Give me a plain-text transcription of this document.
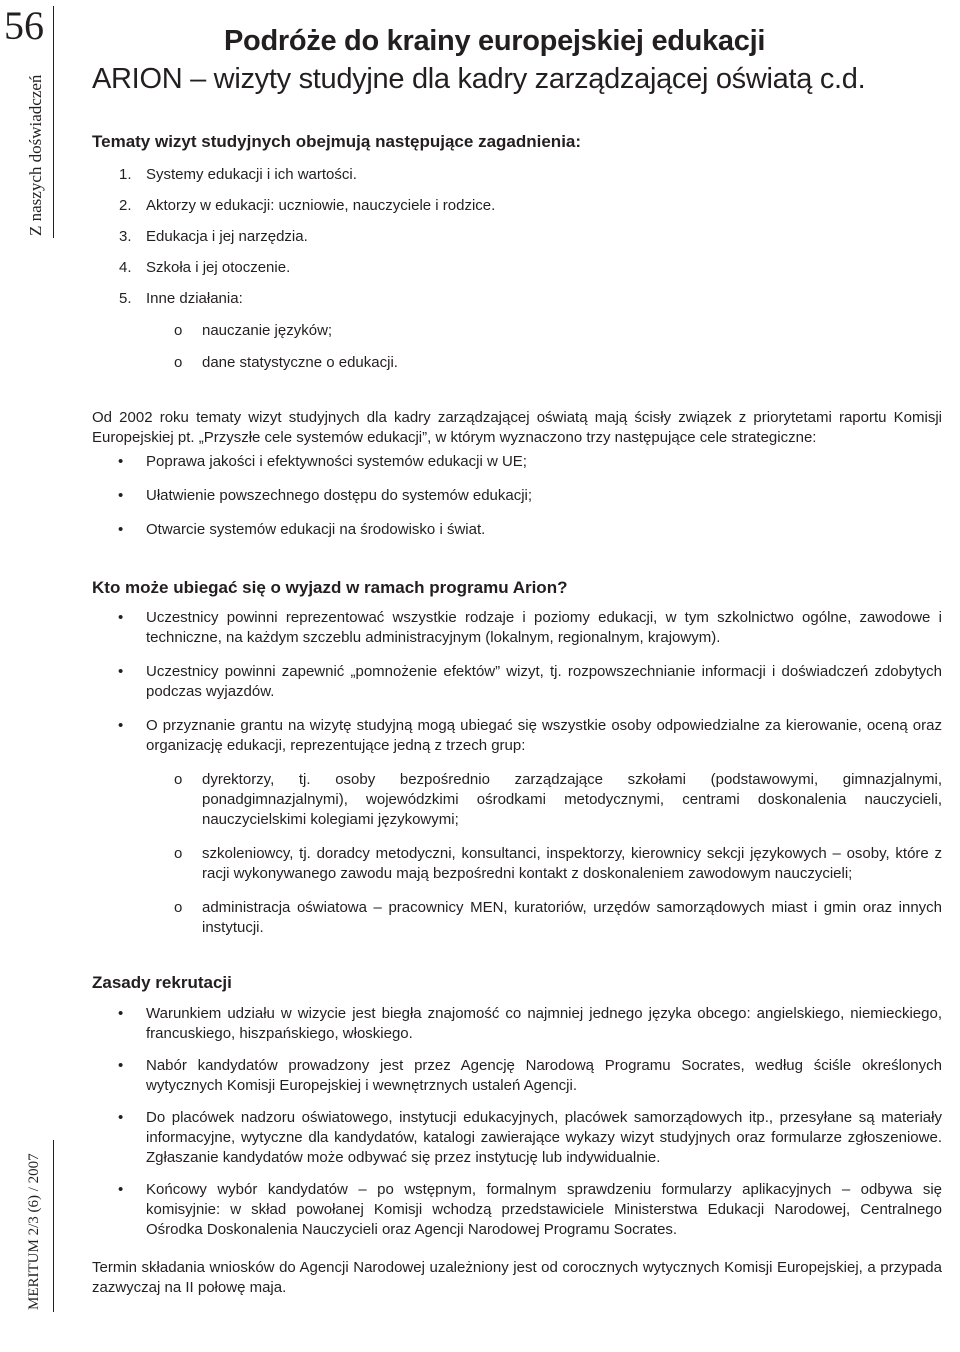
56
Z naszych doświadczeń
MERITUM 2/3 (6) / 2007
Podróże do krainy europejskiej edukacji
ARION – wizyty studyjne dla kadry zarządzającej oświatą c.d.
Tematy wizyt studyjnych obejmują następujące zagadnienia:
1. Systemy edukacji i ich wartości.
2. Aktorzy w edukacji: uczniowie, nauczyciele i rodzice.
3. Edukacja i jej narzędzia.
4. Szkoła i jej otoczenie.
5. Inne działania:
o nauczanie języków;
o dane statystyczne o edukacji.

Od 2002 roku tematy wizyt studyjnych dla kadry zarządzającej oświatą mają ścisły związek z priorytetami raportu Komisji Europejskiej pt. „Przyszłe cele systemów edukacji”, w którym wyznaczono trzy następujące cele strategiczne:

• Poprawa jakości i efektywności systemów edukacji w UE;
• Ułatwienie powszechnego dostępu do systemów edukacji;
• Otwarcie systemów edukacji na środowisko i świat.
Kto może ubiegać się o wyjazd w ramach programu Arion?
• Uczestnicy powinni reprezentować wszystkie rodzaje i poziomy edukacji, w tym szkolnictwo ogólne, zawodowe i techniczne, na każdym szczeblu administracyjnym (lokalnym, regionalnym, krajowym).
• Uczestnicy powinni zapewnić „pomnożenie efektów” wizyt, tj. rozpowszechnianie informacji i doświadczeń zdobytych podczas wyjazdów.
• O przyznanie grantu na wizytę studyjną mogą ubiegać się wszystkie osoby odpowiedzialne za kierowanie, oceną oraz organizację edukacji, reprezentujące jedną z trzech grup:
o dyrektorzy, tj. osoby bezpośrednio zarządzające szkołami (podstawowymi, gimnazjalnymi, ponadgimnazjalnymi), wojewódzkimi ośrodkami metodycznymi, centrami doskonalenia nauczycieli, nauczycielskimi kolegiami językowymi;
o szkoleniowcy, tj. doradcy metodyczni, konsultanci, inspektorzy, kierownicy sekcji językowych – osoby, które z racji wykonywanego zawodu mają bezpośredni kontakt z doskonaleniem zawodowym nauczycieli;
o administracja oświatowa – pracownicy MEN, kuratoriów, urzędów samorządowych miast i gmin oraz innych instytucji.
Zasady rekrutacji
• Warunkiem udziału w wizycie jest biegła znajomość co najmniej jednego języka obcego: angielskiego, niemieckiego, francuskiego, hiszpańskiego, włoskiego.
• Nabór kandydatów prowadzony jest przez Agencję Narodową Programu Socrates, według ściśle określonych wytycznych Komisji Europejskiej i wewnętrznych ustaleń Agencji.
• Do placówek nadzoru oświatowego, instytucji edukacyjnych, placówek samorządowych itp., przesyłane są materiały informacyjne, wytyczne dla kandydatów, katalogi zawierające wykazy wizyt studyjnych oraz formularze zgłoszeniowe. Zgłaszanie kandydatów może odbywać się przez instytucję lub indywidualnie.
• Końcowy wybór kandydatów – po wstępnym, formalnym sprawdzeniu formularzy aplikacyjnych – odbywa się komisyjnie: w skład powołanej Komisji wchodzą przedstawiciele Ministerstwa Edukacji Narodowej, Centralnego Ośrodka Doskonalenia Nauczycieli oraz Agencji Narodowej Programu Socrates.

Termin składania wniosków do Agencji Narodowej uzależniony jest od corocznych wytycznych Komisji Europejskiej, a przypada zazwyczaj na II połowę maja.
